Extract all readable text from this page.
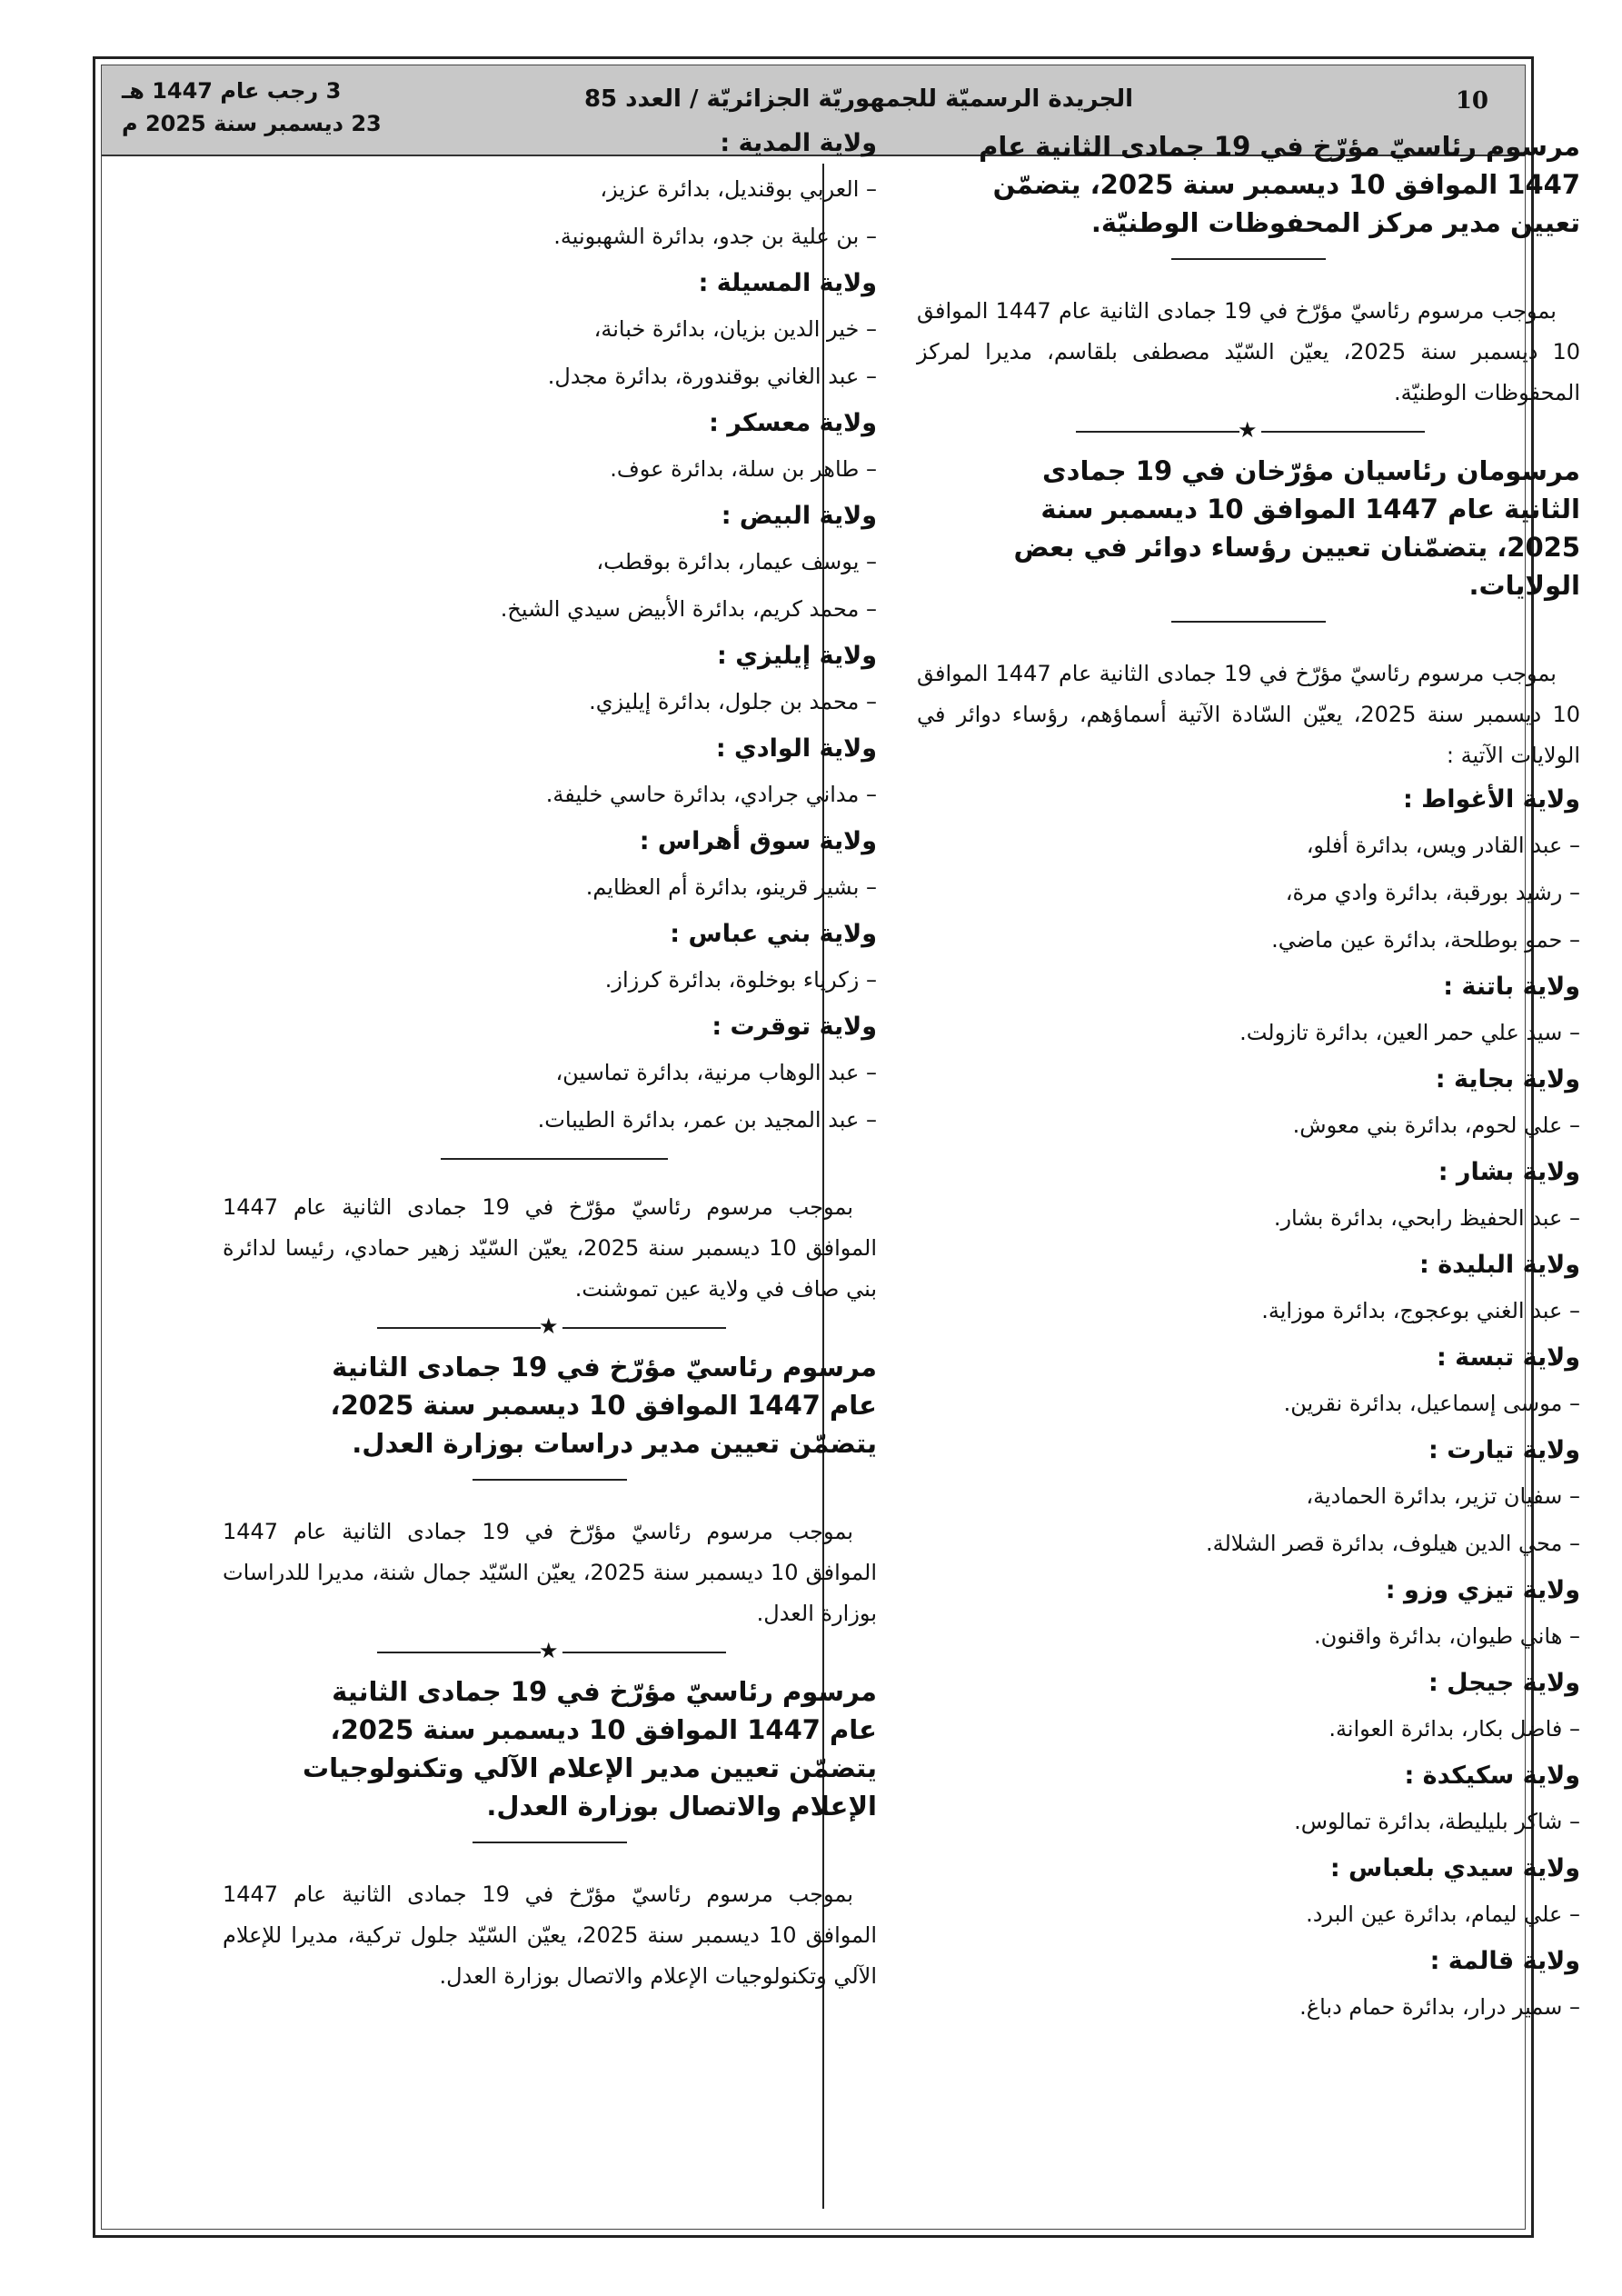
10
الجريدة الرسميّة للجمهوريّة الجزائريّة / العدد 85
3 رجب عام 1447 هـ
23 ديسمبر سنة 2025 م
مرسوم رئاسيّ مؤرّخ في 19 جمادى الثانية عام 1447 الموافق 10 ديسمبر سنة 2025، يتضمّن تعيين مدير مركز المحفوظات الوطنيّة.
بموجب مرسوم رئاسيّ مؤرّخ في 19 جمادى الثانية عام 1447 الموافق 10 ديسمبر سنة 2025، يعيّن السّيّد مصطفى بلقاسم، مديرا لمركز المحفوظات الوطنيّة.
★
مرسومان رئاسيان مؤرّخان في 19 جمادى الثانية عام 1447 الموافق 10 ديسمبر سنة 2025، يتضمّنان تعيين رؤساء دوائر في بعض الولايات.
بموجب مرسوم رئاسيّ مؤرّخ في 19 جمادى الثانية عام 1447 الموافق 10 ديسمبر سنة 2025، يعيّن السّادة الآتية أسماؤهم، رؤساء دوائر في الولايات الآتية :
ولاية الأغواط :
– عبد القادر ويس، بدائرة أفلو،
– رشيد بورقبة، بدائرة وادي مرة،
– حمو بوطلحة، بدائرة عين ماضي.
ولاية باتنة :
– سيد علي حمر العين، بدائرة تازولت.
ولاية بجاية :
– علي لحوم، بدائرة بني معوش.
ولاية بشار :
– عبد الحفيظ رابحي، بدائرة بشار.
ولاية البليدة :
– عبد الغني بوعجوج، بدائرة موزاية.
ولاية تبسة :
– موسى إسماعيل، بدائرة نقرين.
ولاية تيارت :
– سفيان تزير، بدائرة الحمادية،
– محي الدين هيلوف، بدائرة قصر الشلالة.
ولاية تيزي وزو :
– هاني طيوان، بدائرة واقنون.
ولاية جيجل :
– فاضل بكار، بدائرة العوانة.
ولاية سكيكدة :
– شاكر بليليطة، بدائرة تمالوس.
ولاية سيدي بلعباس :
– علي ليمام، بدائرة عين البرد.
ولاية قالمة :
– سمير درار، بدائرة حمام دباغ.
ولاية المدية :
– العربي بوقنديل، بدائرة عزيز،
– بن علية بن جدو، بدائرة الشهبونية.
ولاية المسيلة :
– خير الدين بزيان، بدائرة خبانة،
– عبد الغاني بوقندورة، بدائرة مجدل.
ولاية معسكر :
– طاهر بن سلة، بدائرة عوف.
ولاية البيض :
– يوسف عيمار، بدائرة بوقطب،
– محمد كريم، بدائرة الأبيض سيدي الشيخ.
ولاية إيليزي :
– محمد بن جلول، بدائرة إيليزي.
ولاية الوادي :
– مداني جرادي، بدائرة حاسي خليفة.
ولاية سوق أهراس :
– بشير قرينو، بدائرة أم العظايم.
ولاية بني عباس :
– زكرياء بوخلوة، بدائرة كرزاز.
ولاية توقرت :
– عبد الوهاب مرنية، بدائرة تماسين،
– عبد المجيد بن عمر، بدائرة الطيبات.
بموجب مرسوم رئاسيّ مؤرّخ في 19 جمادى الثانية عام 1447 الموافق 10 ديسمبر سنة 2025، يعيّن السّيّد زهير حمادي، رئيسا لدائرة بني صاف في ولاية عين تموشنت.
★
مرسوم رئاسيّ مؤرّخ في 19 جمادى الثانية عام 1447 الموافق 10 ديسمبر سنة 2025، يتضمّن تعيين مدير دراسات بوزارة العدل.
بموجب مرسوم رئاسيّ مؤرّخ في 19 جمادى الثانية عام 1447 الموافق 10 ديسمبر سنة 2025، يعيّن السّيّد جمال شنة، مديرا للدراسات بوزارة العدل.
★
مرسوم رئاسيّ مؤرّخ في 19 جمادى الثانية عام 1447 الموافق 10 ديسمبر سنة 2025، يتضمّن تعيين مدير الإعلام الآلي وتكنولوجيات الإعلام والاتصال بوزارة العدل.
بموجب مرسوم رئاسيّ مؤرّخ في 19 جمادى الثانية عام 1447 الموافق 10 ديسمبر سنة 2025، يعيّن السّيّد جلول تركية، مديرا للإعلام الآلي وتكنولوجيات الإعلام والاتصال بوزارة العدل.
